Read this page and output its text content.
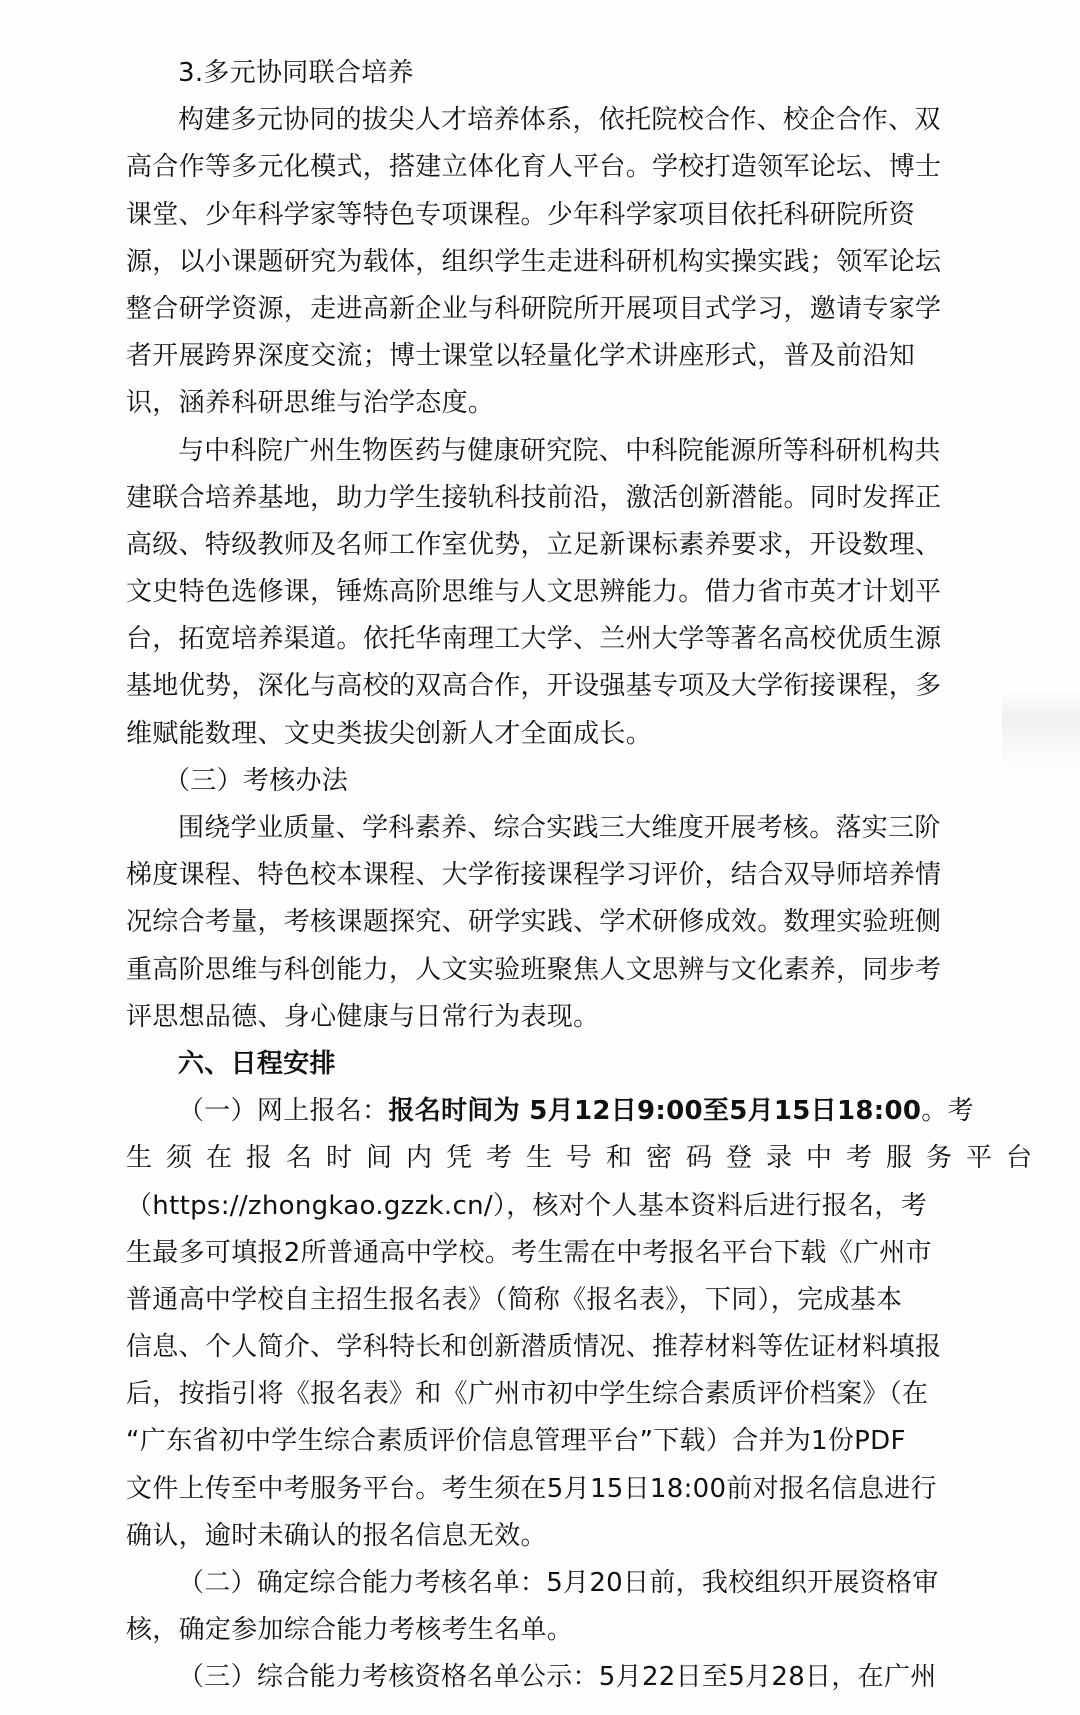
3.多元协同联合培养
构建多元协同的拔尖人才培养体系，依托院校合作、校企合作、双
高合作等多元化模式，搭建立体化育人平台。学校打造领军论坛、博士
课堂、少年科学家等特色专项课程。少年科学家项目依托科研院所资
源，以小课题研究为载体，组织学生走进科研机构实操实践；领军论坛
整合研学资源，走进高新企业与科研院所开展项目式学习，邀请专家学
者开展跨界深度交流；博士课堂以轻量化学术讲座形式，普及前沿知
识，涵养科研思维与治学态度。
与中科院广州生物医药与健康研究院、中科院能源所等科研机构共
建联合培养基地，助力学生接轨科技前沿，激活创新潜能。同时发挥正
高级、特级教师及名师工作室优势，立足新课标素养要求，开设数理、
文史特色选修课，锤炼高阶思维与人文思辨能力。借力省市英才计划平
台，拓宽培养渠道。依托华南理工大学、兰州大学等著名高校优质生源
基地优势，深化与高校的双高合作，开设强基专项及大学衔接课程，多
维赋能数理、文史类拔尖创新人才全面成长。
（三）考核办法
围绕学业质量、学科素养、综合实践三大维度开展考核。落实三阶
梯度课程、特色校本课程、大学衔接课程学习评价，结合双导师培养情
况综合考量，考核课题探究、研学实践、学术研修成效。数理实验班侧
重高阶思维与科创能力，人文实验班聚焦人文思辨与文化素养，同步考
评思想品德、身心健康与日常行为表现。
六、日程安排
（一）网上报名：报名时间为 5月12日9:00至5月15日18:00。考
生须在报名时间内凭考生号和密码登录中考服务平台
（https://zhongkao.gzzk.cn/），核对个人基本资料后进行报名，考
生最多可填报2所普通高中学校。考生需在中考报名平台下载《广州市
普通高中学校自主招生报名表》（简称《报名表》，下同），完成基本
信息、个人简介、学科特长和创新潜质情况、推荐材料等佐证材料填报
后，按指引将《报名表》和《广州市初中学生综合素质评价档案》（在
“广东省初中学生综合素质评价信息管理平台”下载）合并为1份PDF
文件上传至中考服务平台。考生须在5月15日18:00前对报名信息进行
确认，逾时未确认的报名信息无效。
（二）确定综合能力考核名单：5月20日前，我校组织开展资格审
核，确定参加综合能力考核考生名单。
（三）综合能力考核资格名单公示：5月22日至5月28日，在广州
